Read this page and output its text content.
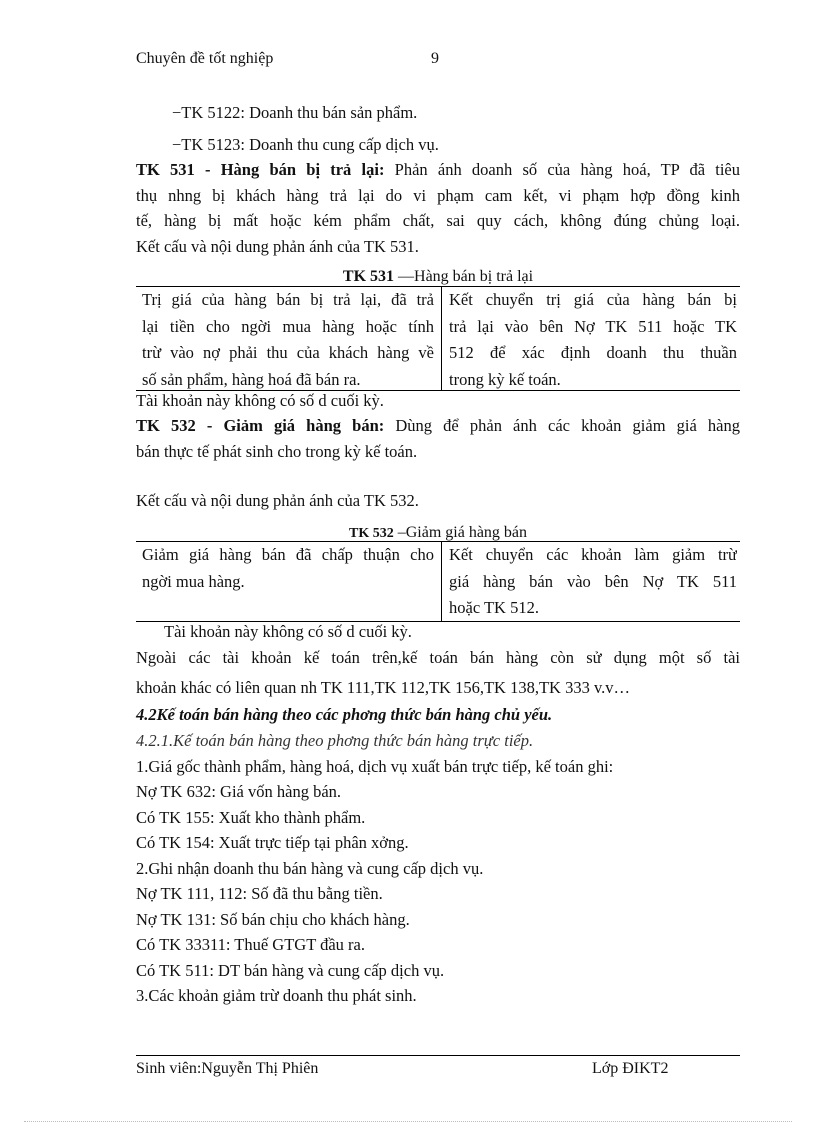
Chuyên đề tốt nghiệp	9
−TK 5122: Doanh thu bán sản phẩm.
−TK 5123: Doanh thu cung cấp dịch vụ.
TK 531 - Hàng bán bị trả lại: Phản ánh doanh số của hàng hoá, TP đã tiêu
thụ nhng bị khách hàng trả lại do vi phạm cam kết, vi phạm hợp đồng kinh
tế, hàng bị mất hoặc kém phẩm chất, sai quy cách, không đúng chủng loại.
Kết cấu và nội dung phản ánh của TK 531.
TK 531 —Hàng bán bị trả lại
Trị giá của hàng bán bị trả lại, đã trả
lại tiền cho ngời mua hàng hoặc tính
trừ vào nợ phải thu của khách hàng về
số sản phẩm, hàng hoá đã bán ra.
Kết chuyển trị giá của hàng bán bị
trả lại vào bên Nợ TK 511 hoặc TK
512 để xác định doanh thu thuần
trong kỳ kế toán.
Tài khoản này không có số d cuối kỳ.
TK 532 - Giảm giá hàng bán: Dùng để phản ánh các khoản giảm giá hàng
bán thực tế phát sinh cho trong kỳ kế toán.
Kết cấu và nội dung phản ánh của TK 532.
TK 532 –Giảm giá hàng bán
Giảm giá hàng bán đã chấp thuận cho
ngời mua hàng.
Kết chuyển các khoản làm giảm trừ
giá hàng bán vào bên Nợ TK 511
hoặc TK 512.
Tài khoản này không có số d cuối kỳ.
Ngoài các tài khoản kế toán trên,kế toán bán hàng còn sử dụng một số tài
khoản khác có liên quan nh TK 111,TK 112,TK 156,TK 138,TK 333 v.v…
4.2Kế toán bán hàng theo các phơng thức bán hàng chủ yếu.
4.2.1.Kế toán bán hàng theo phơng thức bán hàng trực tiếp.
1.Giá gốc thành phẩm, hàng hoá, dịch vụ xuất bán trực tiếp, kế toán ghi:
Nợ TK 632: Giá vốn hàng bán.
Có TK 155: Xuất kho thành phẩm.
Có TK 154: Xuất trực tiếp tại phân xởng.
2.Ghi nhận doanh thu bán hàng và cung cấp dịch vụ.
Nợ TK 111, 112: Số đã thu bằng tiền.
Nợ TK 131: Số bán chịu cho khách hàng.
Có TK 33311: Thuế GTGT đầu ra.
Có TK 511: DT bán hàng và cung cấp dịch vụ.
3.Các khoản giảm trừ doanh thu phát sinh.
Sinh viên:Nguyễn Thị Phiên	Lớp ĐIKT2
